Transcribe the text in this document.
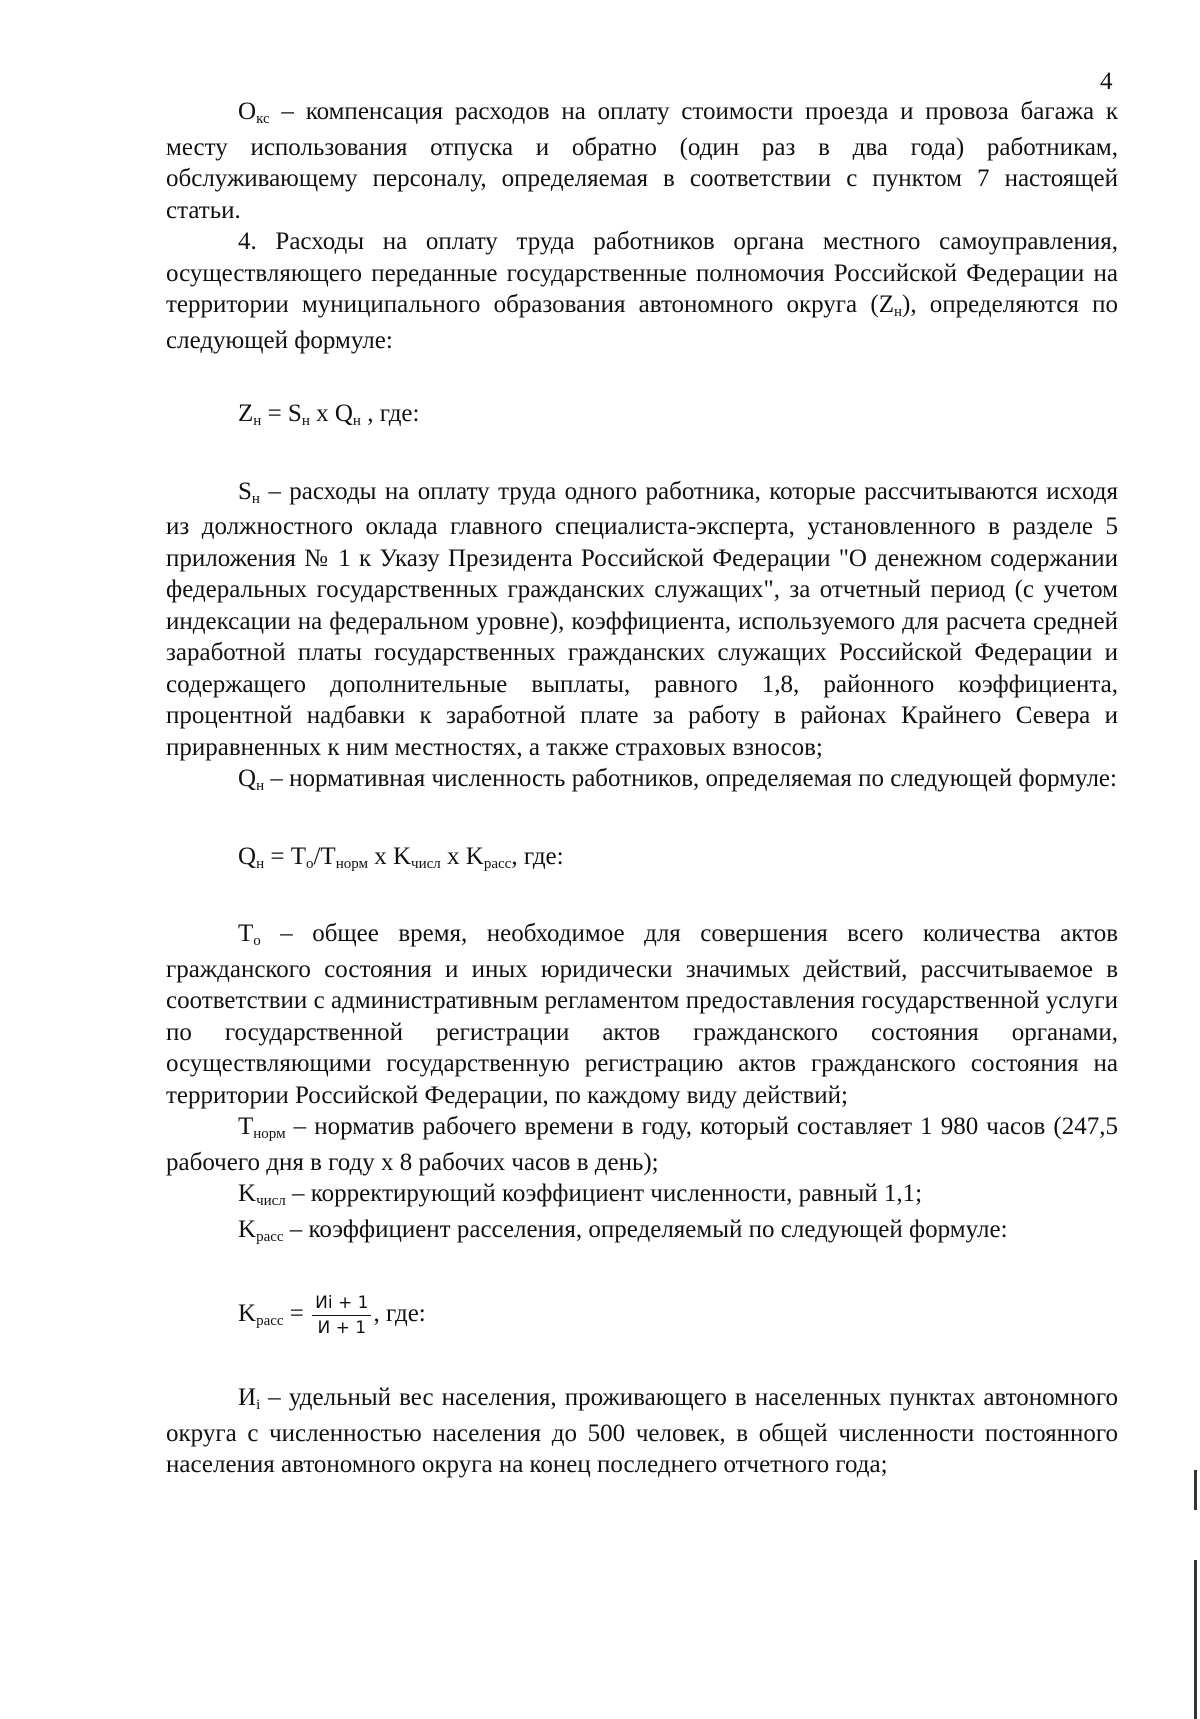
4

Окс – компенсация расходов на оплату стоимости проезда и провоза багажа к месту использования отпуска и обратно (один раз в два года) работникам, обслуживающему персоналу, определяемая в соответствии с пунктом 7 настоящей статьи.

4. Расходы на оплату труда работников органа местного самоуправления, осуществляющего переданные государственные полномочия Российской Федерации на территории муниципального образования автономного округа (Zн), определяются по следующей формуле:

Zн = Sн x Qн , где:

Sн – расходы на оплату труда одного работника, которые рассчитываются исходя из должностного оклада главного специалиста-эксперта, установленного в разделе 5 приложения № 1 к Указу Президента Российской Федерации "О денежном содержании федеральных государственных гражданских служащих", за отчетный период (с учетом индексации на федеральном уровне), коэффициента, используемого для расчета средней заработной платы государственных гражданских служащих Российской Федерации и содержащего дополнительные выплаты, равного 1,8, районного коэффициента, процентной надбавки к заработной плате за работу в районах Крайнего Севера и приравненных к ним местностях, а также страховых взносов;

Qн – нормативная численность работников, определяемая по следующей формуле:

Qн = Tо/Tнорм x Kчисл x Kрасс, где:

Tо – общее время, необходимое для совершения всего количества актов гражданского состояния и иных юридически значимых действий, рассчитываемое в соответствии с административным регламентом предоставления государственной услуги по государственной регистрации актов гражданского состояния органами, осуществляющими государственную регистрацию актов гражданского состояния на территории Российской Федерации, по каждому виду действий;

Tнорм – норматив рабочего времени в году, который составляет 1 980 часов (247,5 рабочего дня в году х 8 рабочих часов в день);

Kчисл – корректирующий коэффициент численности, равный 1,1;

Kрасс – коэффициент расселения, определяемый по следующей формуле:

Kрасс = $\frac{Иi + 1}{И + 1}$ , где:

Иi – удельный вес населения, проживающего в населенных пунктах автономного округа с численностью населения до 500 человек, в общей численности постоянного населения автономного округа на конец последнего отчетного года;
